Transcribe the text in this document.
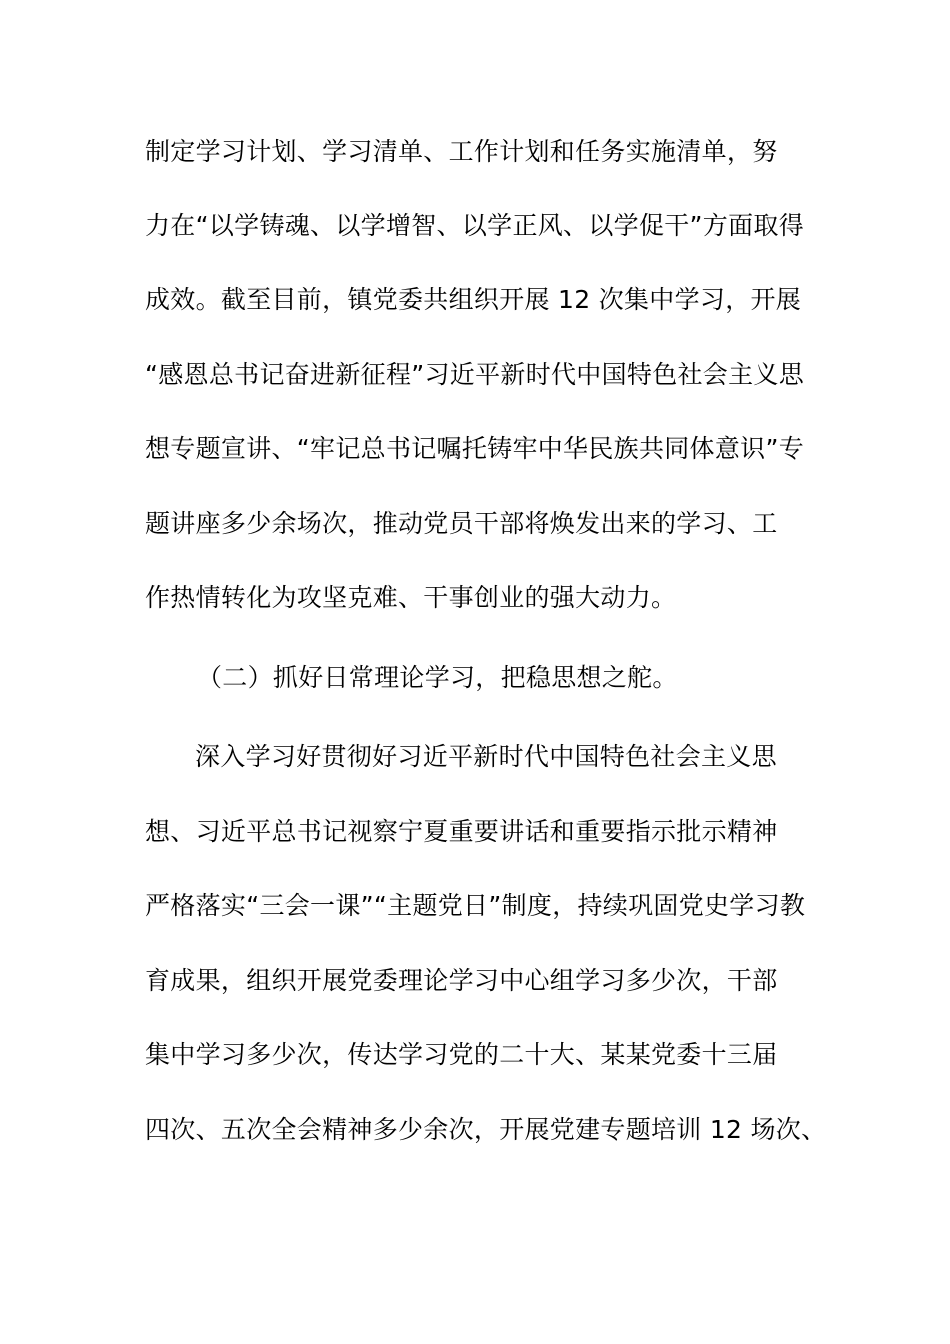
制定学习计划、学习清单、工作计划和任务实施清单，努
力在“以学铸魂、以学增智、以学正风、以学促干”方面取得
成效。截至目前，镇党委共组织开展 12 次集中学习，开展
“感恩总书记奋进新征程”习近平新时代中国特色社会主义思
想专题宣讲、“牢记总书记嘱托铸牢中华民族共同体意识”专
题讲座多少余场次，推动党员干部将焕发出来的学习、工
作热情转化为攻坚克难、干事创业的强大动力。
（二）抓好日常理论学习，把稳思想之舵。
深入学习好贯彻好习近平新时代中国特色社会主义思
想、习近平总书记视察宁夏重要讲话和重要指示批示精神
严格落实“三会一课”“主题党日”制度，持续巩固党史学习教
育成果，组织开展党委理论学习中心组学习多少次，干部
集中学习多少次，传达学习党的二十大、某某党委十三届
四次、五次全会精神多少余次，开展党建专题培训 12 场次、
